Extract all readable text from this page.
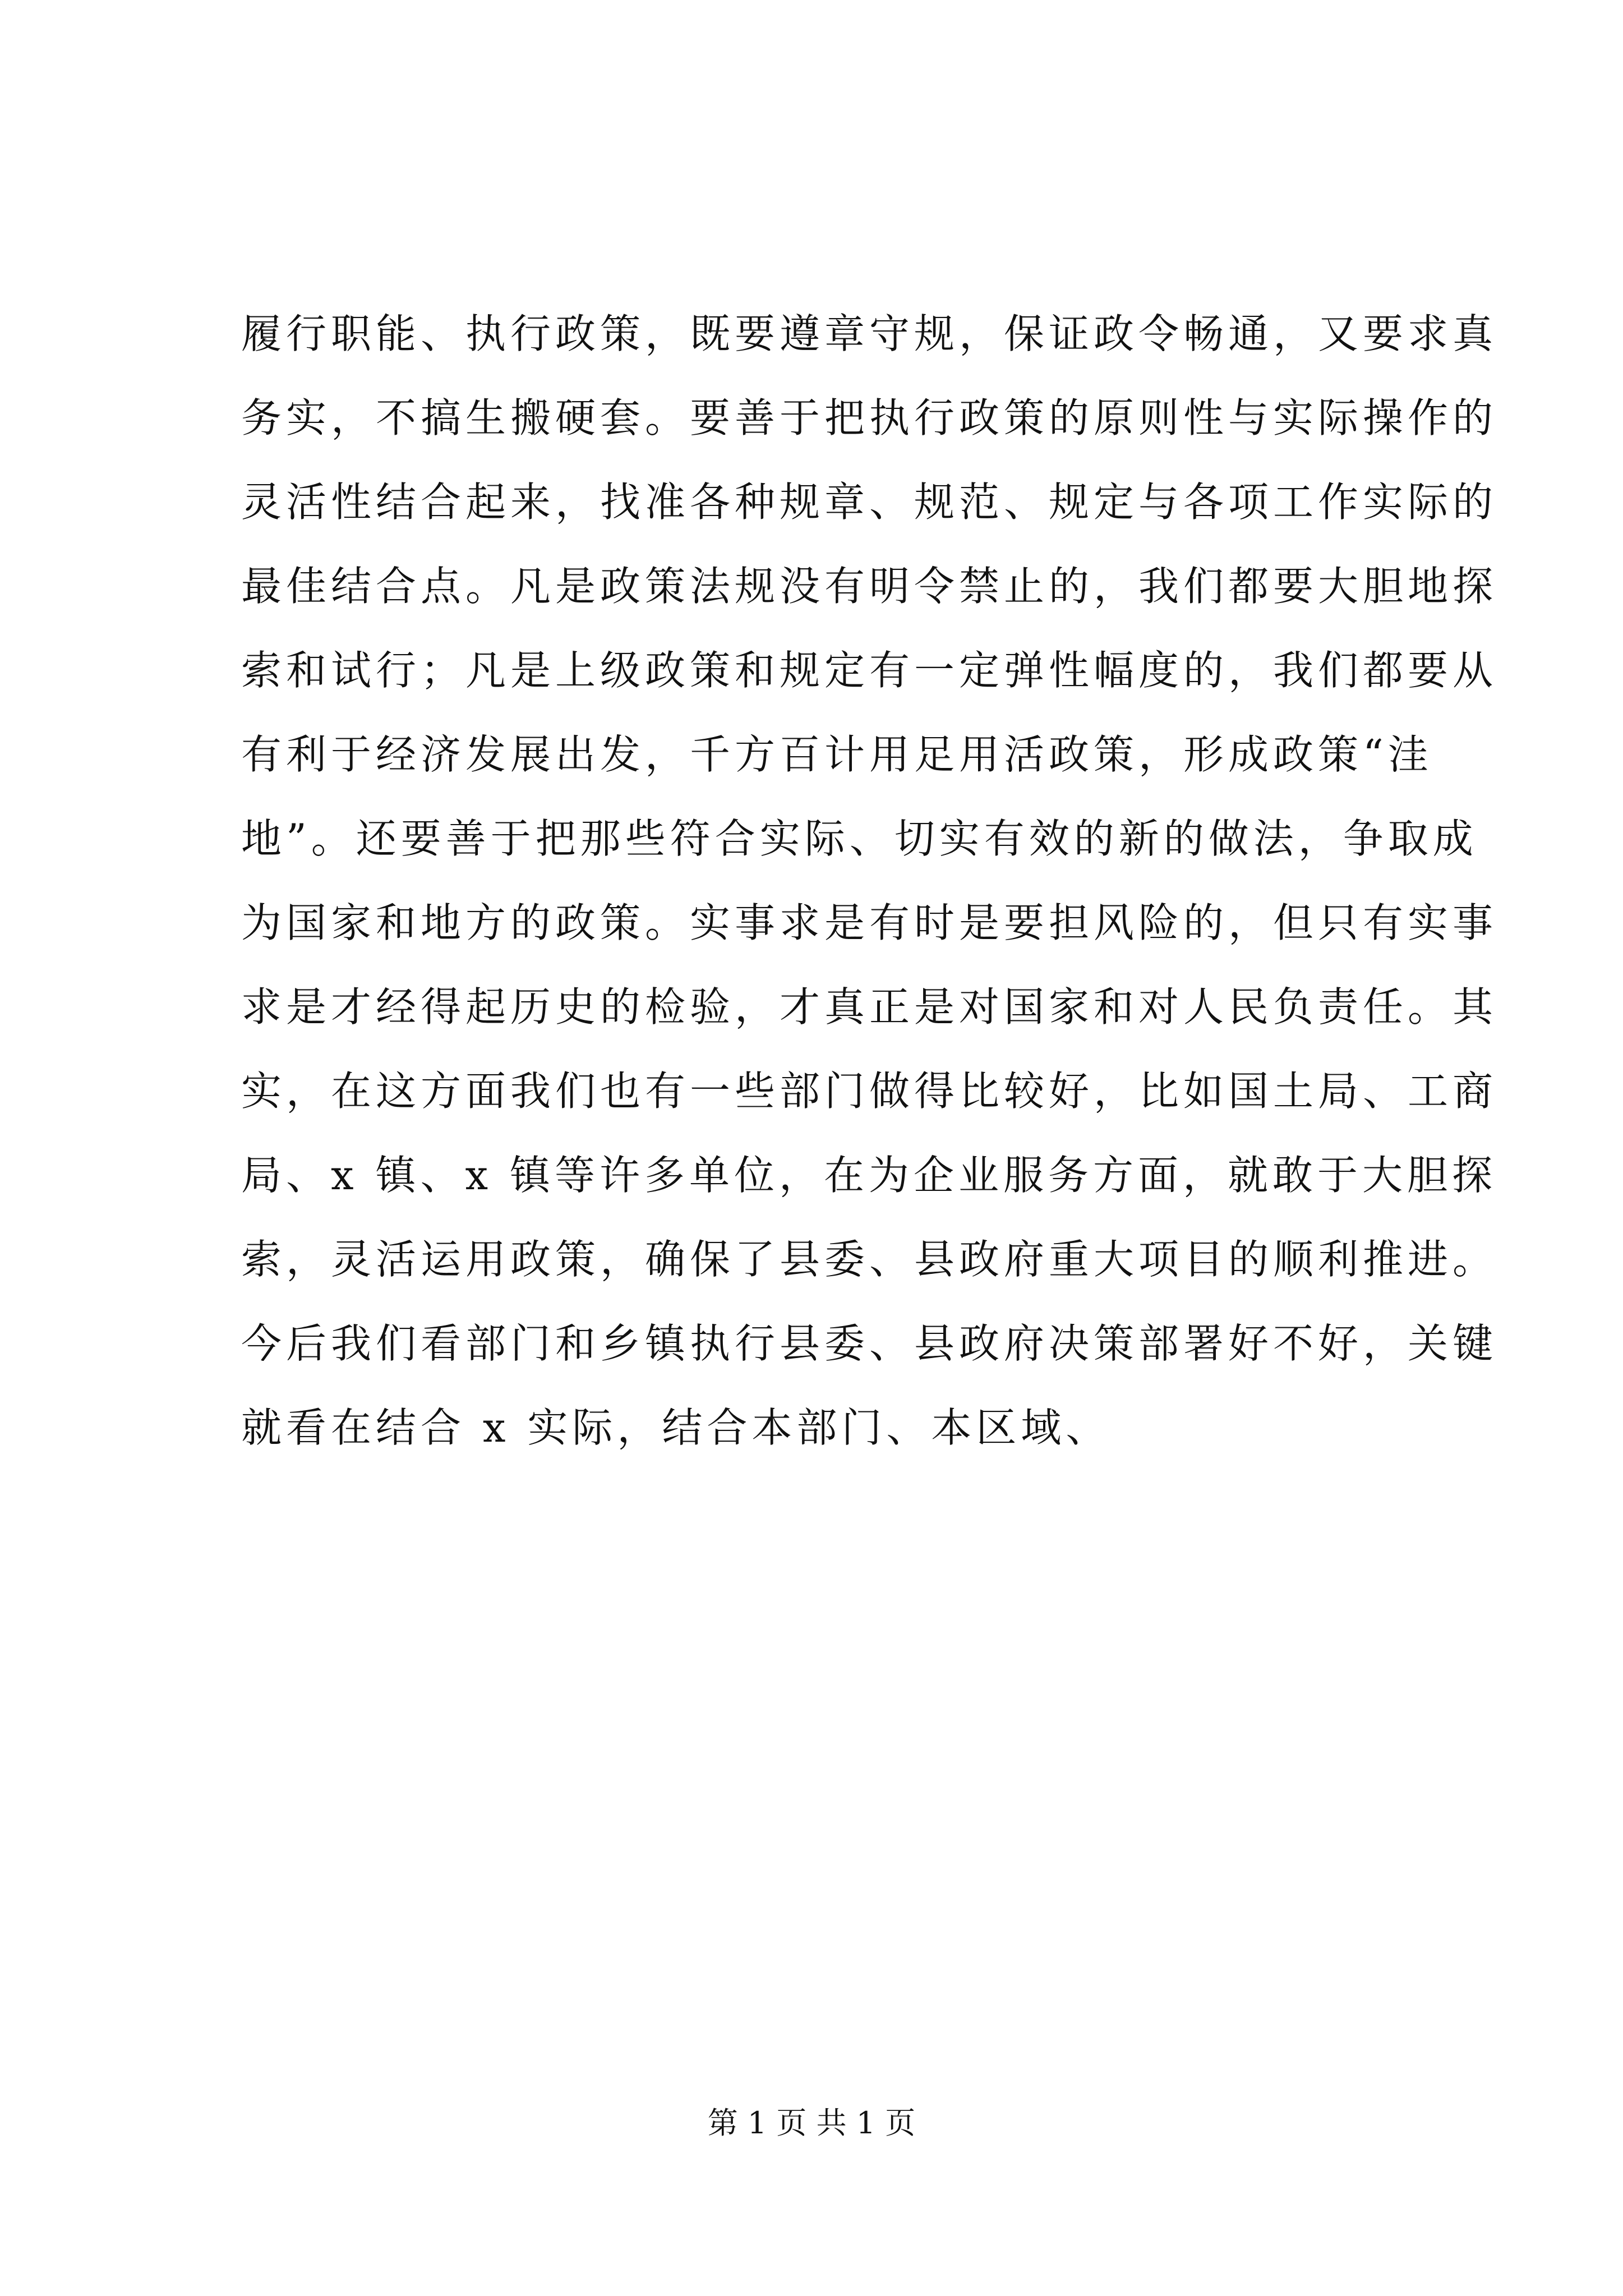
履行职能、执行政策，既要遵章守规，保证政令畅通，又要求真
务实，不搞生搬硬套。要善于把执行政策的原则性与实际操作的
灵活性结合起来，找准各种规章、规范、规定与各项工作实际的
最佳结合点。凡是政策法规没有明令禁止的，我们都要大胆地探
索和试行；凡是上级政策和规定有一定弹性幅度的，我们都要从
有利于经济发展出发，千方百计用足用活政策，形成政策“洼
地”。还要善于把那些符合实际、切实有效的新的做法，争取成
为国家和地方的政策。实事求是有时是要担风险的，但只有实事
求是才经得起历史的检验，才真正是对国家和对人民负责任。其
实，在这方面我们也有一些部门做得比较好，比如国土局、工商
局、x 镇、x 镇等许多单位，在为企业服务方面，就敢于大胆探
索，灵活运用政策，确保了县委、县政府重大项目的顺利推进。
今后我们看部门和乡镇执行县委、县政府决策部署好不好，关键
就看在结合 x 实际，结合本部门、本区域、
第 1 页 共 1 页
